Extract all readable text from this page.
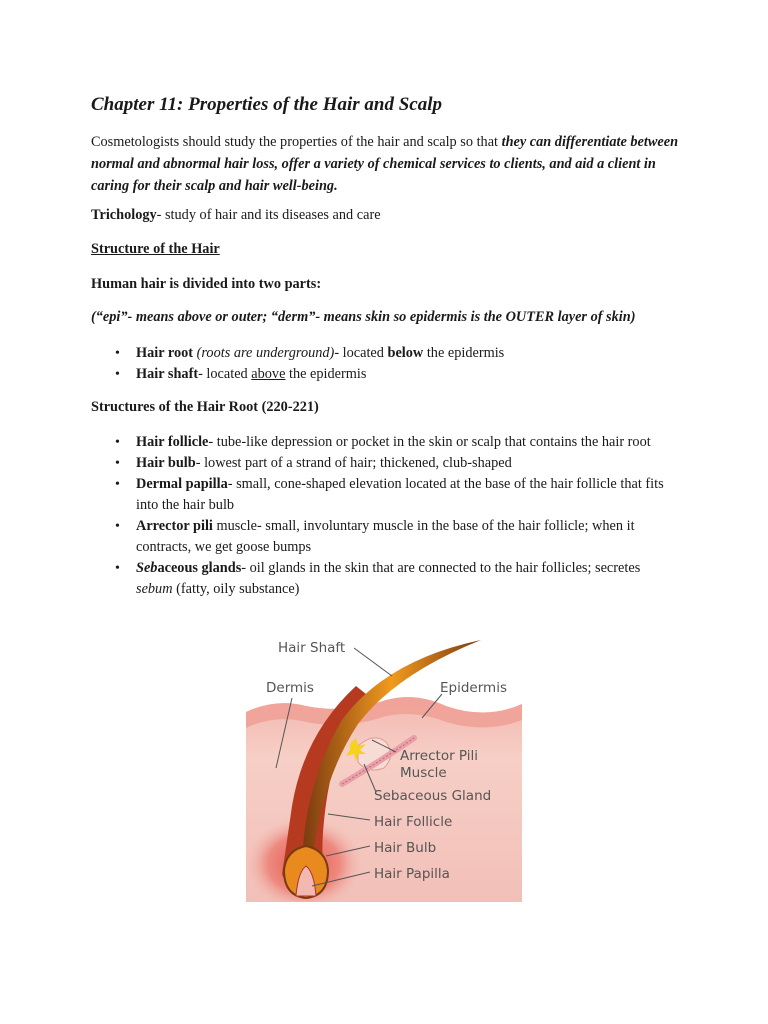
Chapter 11: Properties of the Hair and Scalp

Cosmetologists should study the properties of the hair and scalp so that they can differentiate between normal and abnormal hair loss, offer a variety of chemical services to clients, and aid a client in caring for their scalp and hair well-being.

Trichology- study of hair and its diseases and care

Structure of the Hair

Human hair is divided into two parts:

(“epi”- means above or outer; “derm”- means skin so epidermis is the OUTER layer of skin)

• Hair root (roots are underground)- located below the epidermis
• Hair shaft- located above the epidermis

Structures of the Hair Root (220-221)

• Hair follicle- tube-like depression or pocket in the skin or scalp that contains the hair root
• Hair bulb- lowest part of a strand of hair; thickened, club-shaped
• Dermal papilla- small, cone-shaped elevation located at the base of the hair follicle that fits into the hair bulb
• Arrector pili muscle- small, involuntary muscle in the base of the hair follicle; when it contracts, we get goose bumps
• Sebaceous glands- oil glands in the skin that are connected to the hair follicles; secretes sebum (fatty, oily substance)
Hair Shaft
Dermis	Epidermis
Arrector Pili
Muscle
Sebaceous Gland
Hair Follicle
Hair Bulb
Hair Papilla
